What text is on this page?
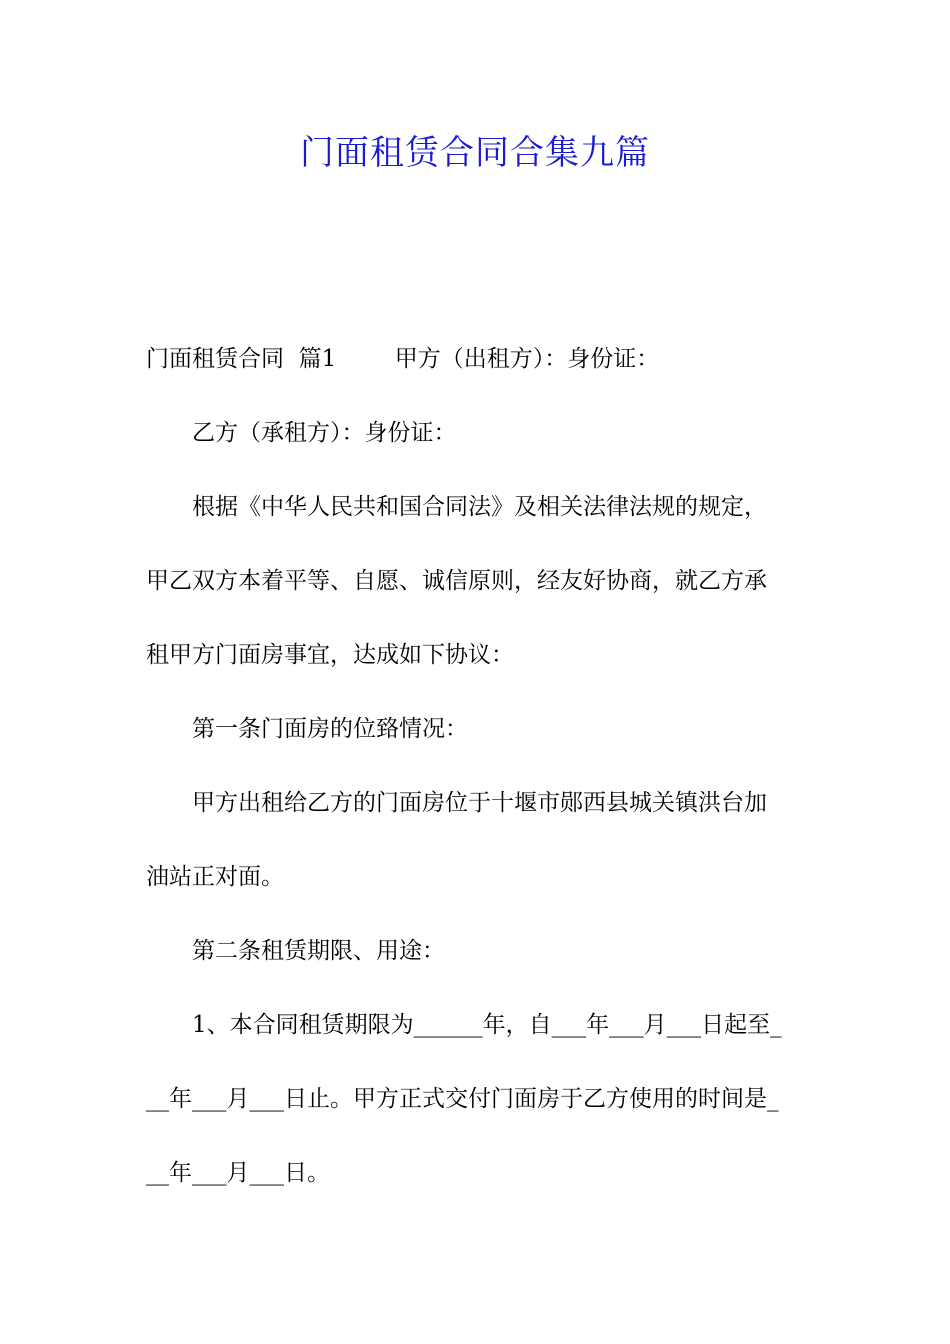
门面租赁合同合集九篇
门面租赁合同  篇1        甲方（出租方）：身份证：
乙方（承租方）：身份证：
根据《中华人民共和国合同法》及相关法律法规的规定，
甲乙双方本着平等、自愿、诚信原则，经友好协商，就乙方承
租甲方门面房事宜，达成如下协议：
第一条门面房的位臵情况：
甲方出租给乙方的门面房位于十堰市郧西县城关镇洪台加
油站正对面。
第二条租赁期限、用途：
1、本合同租赁期限为______年，自___年___月___日起至_
__年___月___日止。甲方正式交付门面房于乙方使用的时间是_
__年___月___日。
